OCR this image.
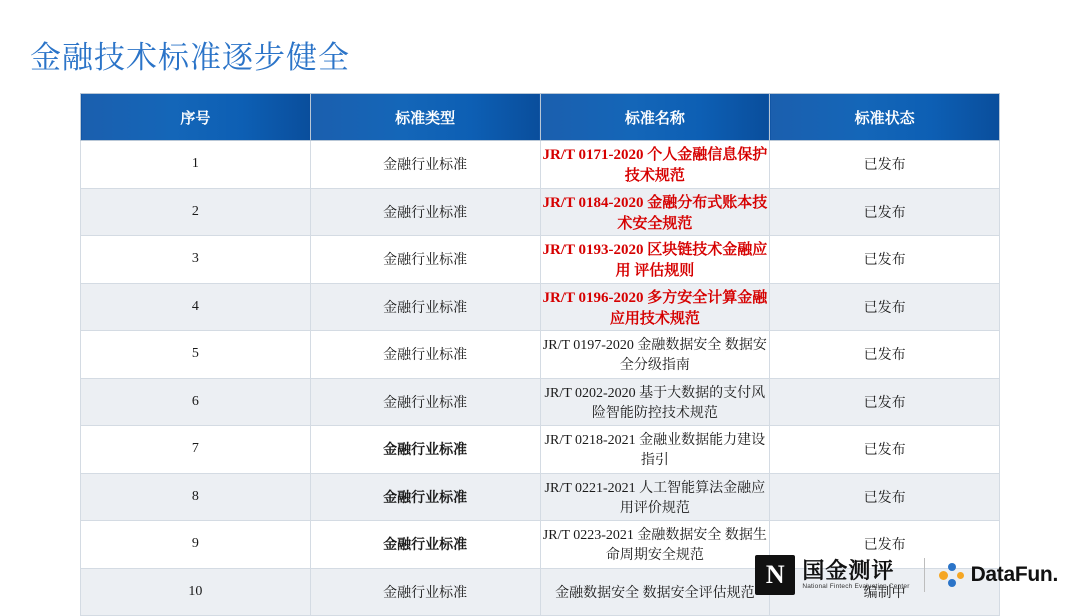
金融技术标准逐步健全
序号	标准类型	标准名称	标准状态
1	金融行业标准	JR/T 0171-2020 个人金融信息保护技术规范	已发布
2	金融行业标准	JR/T 0184-2020 金融分布式账本技术安全规范	已发布
3	金融行业标准	JR/T 0193-2020 区块链技术金融应用 评估规则	已发布
4	金融行业标准	JR/T 0196-2020 多方安全计算金融应用技术规范	已发布
5	金融行业标准	JR/T 0197-2020 金融数据安全 数据安全分级指南	已发布
6	金融行业标准	JR/T 0202-2020 基于大数据的支付风险智能防控技术规范	已发布
7	金融行业标准	JR/T 0218-2021 金融业数据能力建设指引	已发布
8	金融行业标准	JR/T 0221-2021 人工智能算法金融应用评价规范	已发布
9	金融行业标准	JR/T 0223-2021 金融数据安全 数据生命周期安全规范	已发布
10	金融行业标准	金融数据安全 数据安全评估规范	编制中
N 国金测评
National Fintech Evaluation Center
DataFun.
